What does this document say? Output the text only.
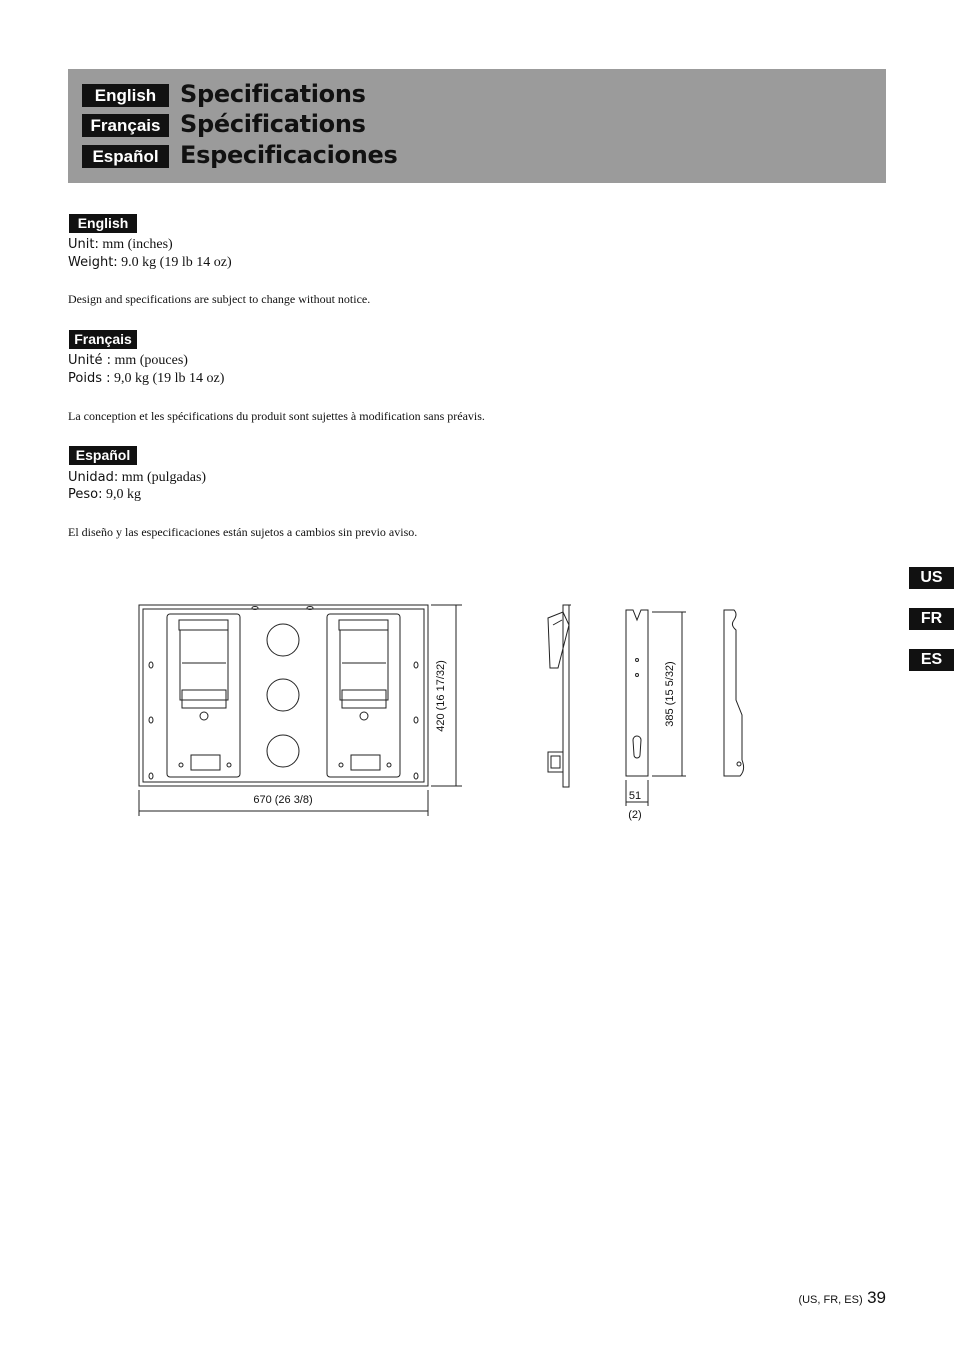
English Specifications
Français Spécifications
Español Especificaciones
English
Unit: mm (inches)
Weight: 9.0 kg (19 lb 14 oz)
Design and specifications are subject to change without notice.
Français
Unité : mm (pouces)
Poids : 9,0 kg (19 lb 14 oz)
La conception et les spécifications du produit sont sujettes à modification sans préavis.
Español
Unidad: mm (pulgadas)
Peso: 9,0 kg
El diseño y las especificaciones están sujetos a cambios sin previo aviso.
US
FR
ES
670 (26 3/8)
420 (16 17/32)	385 (15 5/32)
51
(2)
(US, FR, ES) 39
